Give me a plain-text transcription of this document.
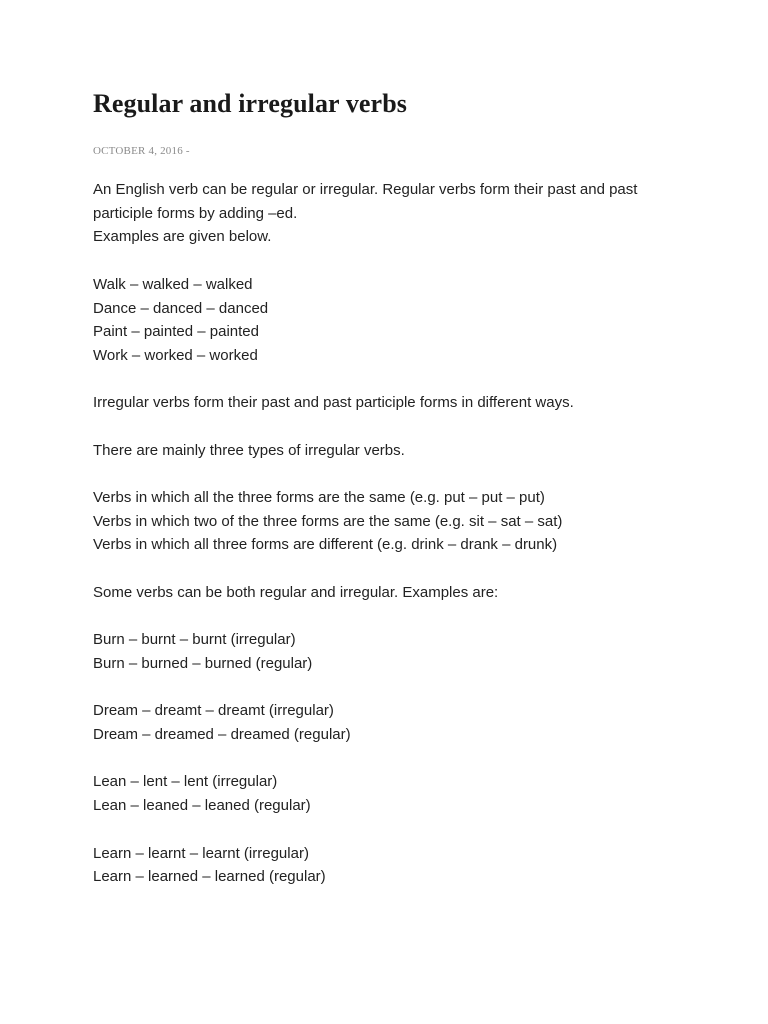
Regular and irregular verbs
OCTOBER 4, 2016 -

An English verb can be regular or irregular. Regular verbs form their past and past participle forms by adding –ed.
Examples are given below.

Walk – walked – walked
Dance – danced – danced
Paint – painted – painted
Work – worked – worked

Irregular verbs form their past and past participle forms in different ways.

There are mainly three types of irregular verbs.

Verbs in which all the three forms are the same (e.g. put – put – put)
Verbs in which two of the three forms are the same (e.g. sit – sat – sat)
Verbs in which all three forms are different (e.g. drink – drank – drunk)

Some verbs can be both regular and irregular. Examples are:

Burn – burnt – burnt (irregular)
Burn – burned – burned (regular)

Dream – dreamt – dreamt (irregular)
Dream – dreamed – dreamed (regular)

Lean – lent – lent (irregular)
Lean – leaned – leaned (regular)

Learn – learnt – learnt (irregular)
Learn – learned – learned (regular)
